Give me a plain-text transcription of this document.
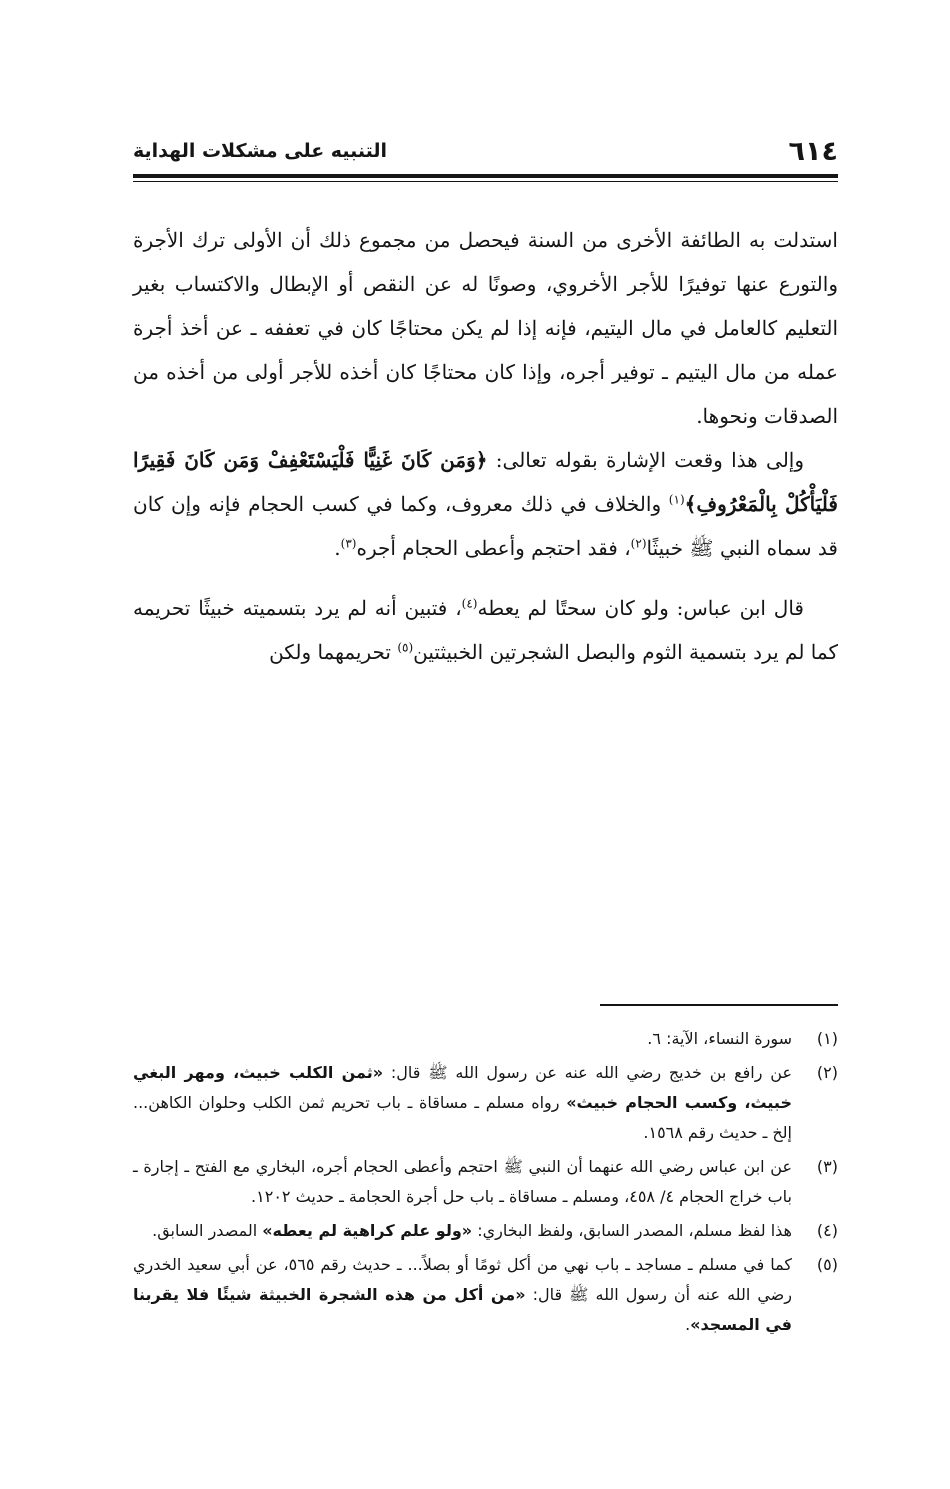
٦١٤
التنبيه على مشكلات الهداية

استدلت به الطائفة الأخرى من السنة فيحصل من مجموع ذلك أن الأولى ترك الأجرة والتورع عنها توفيرًا للأجر الأخروي، وصونًا له عن النقص أو الإبطال والاكتساب بغير التعليم كالعامل في مال اليتيم، فإنه إذا لم يكن محتاجًا كان في تعففه ـ عن أخذ أجرة عمله من مال اليتيم ـ توفير أجره، وإذا كان محتاجًا كان أخذه للأجر أولى من أخذه من الصدقات ونحوها.

وإلى هذا وقعت الإشارة بقوله تعالى: ﴿وَمَن كَانَ غَنِيًّا فَلْيَسْتَعْفِفْ وَمَن كَانَ فَقِيرًا فَلْيَأْكُلْ بِالْمَعْرُوفِ﴾$^{(١)}$ والخلاف في ذلك معروف، وكما في كسب الحجام فإنه وإن كان قد سماه النبي ﷺ خبيثًا$^{(٢)}$، فقد احتجم وأعطى الحجام أجره$^{(٣)}$.

قال ابن عباس: ولو كان سحتًا لم يعطه$^{(٤)}$، فتبين أنه لم يرد بتسميته خبيثًا تحريمه كما لم يرد بتسمية الثوم والبصل الشجرتين الخبيثتين$^{(٥)}$ تحريمهما ولكن

(١)
سورة النساء، الآية: ٦.
(٢)
عن رافع بن خديج رضي الله عنه عن رسول الله ﷺ قال: «ثمن الكلب خبيث، ومهر البغي خبيث، وكسب الحجام خبيث» رواه مسلم ـ مساقاة ـ باب تحريم ثمن الكلب وحلوان الكاهن... إلخ ـ حديث رقم ١٥٦٨.
(٣)
عن ابن عباس رضي الله عنهما أن النبي ﷺ احتجم وأعطى الحجام أجره، البخاري مع الفتح ـ إجارة ـ باب خراج الحجام ٤/ ٤٥٨، ومسلم ـ مساقاة ـ باب حل أجرة الحجامة ـ حديث ١٢٠٢.
(٤)
هذا لفظ مسلم، المصدر السابق، ولفظ البخاري: «ولو علم كراهية لم يعطه» المصدر السابق.
(٥)
كما في مسلم ـ مساجد ـ باب نهي من أكل ثومًا أو بصلاً... ـ حديث رقم ٥٦٥، عن أبي سعيد الخدري رضي الله عنه أن رسول الله ﷺ قال: «من أكل من هذه الشجرة الخبيثة شيئًا فلا يقربنا في المسجد».
